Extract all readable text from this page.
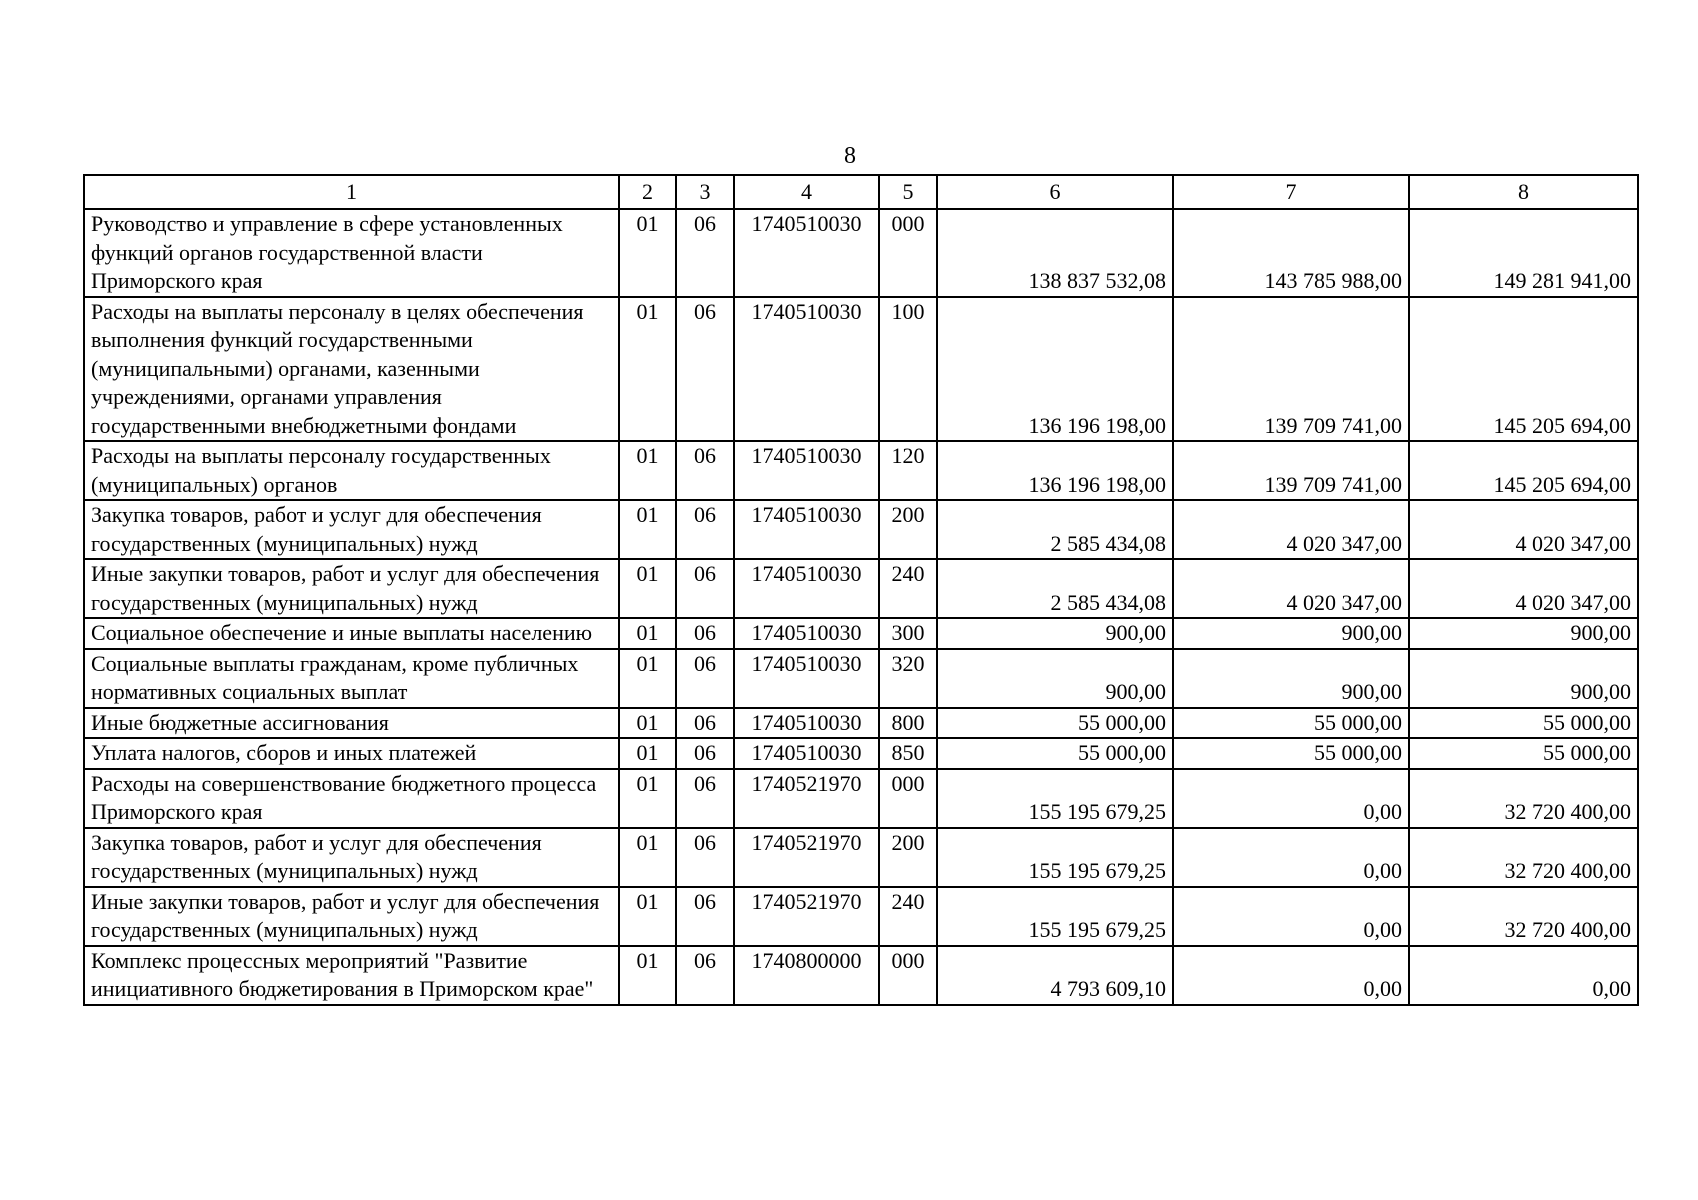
8
1	2	3	4	5	6	7	8
Руководство и управление в сфере установленных функций органов государственной власти Приморского края	01	06	1740510030	000	138 837 532,08	143 785 988,00	149 281 941,00
Расходы на выплаты персоналу в целях обеспечения выполнения функций государственными (муниципальными) органами, казенными учреждениями, органами управления государственными внебюджетными фондами	01	06	1740510030	100	136 196 198,00	139 709 741,00	145 205 694,00
Расходы на выплаты персоналу государственных (муниципальных) органов	01	06	1740510030	120	136 196 198,00	139 709 741,00	145 205 694,00
Закупка товаров, работ и услуг для обеспечения государственных (муниципальных) нужд	01	06	1740510030	200	2 585 434,08	4 020 347,00	4 020 347,00
Иные закупки товаров, работ и услуг для обеспечения государственных (муниципальных) нужд	01	06	1740510030	240	2 585 434,08	4 020 347,00	4 020 347,00
Социальное обеспечение и иные выплаты населению	01	06	1740510030	300	900,00	900,00	900,00
Социальные выплаты гражданам, кроме публичных нормативных социальных выплат	01	06	1740510030	320	900,00	900,00	900,00
Иные бюджетные ассигнования	01	06	1740510030	800	55 000,00	55 000,00	55 000,00
Уплата налогов, сборов и иных платежей	01	06	1740510030	850	55 000,00	55 000,00	55 000,00
Расходы на совершенствование бюджетного процесса Приморского края	01	06	1740521970	000	155 195 679,25	0,00	32 720 400,00
Закупка товаров, работ и услуг для обеспечения государственных (муниципальных) нужд	01	06	1740521970	200	155 195 679,25	0,00	32 720 400,00
Иные закупки товаров, работ и услуг для обеспечения государственных (муниципальных) нужд	01	06	1740521970	240	155 195 679,25	0,00	32 720 400,00
Комплекс процессных мероприятий "Развитие инициативного бюджетирования в Приморском крае"	01	06	1740800000	000	4 793 609,10	0,00	0,00
